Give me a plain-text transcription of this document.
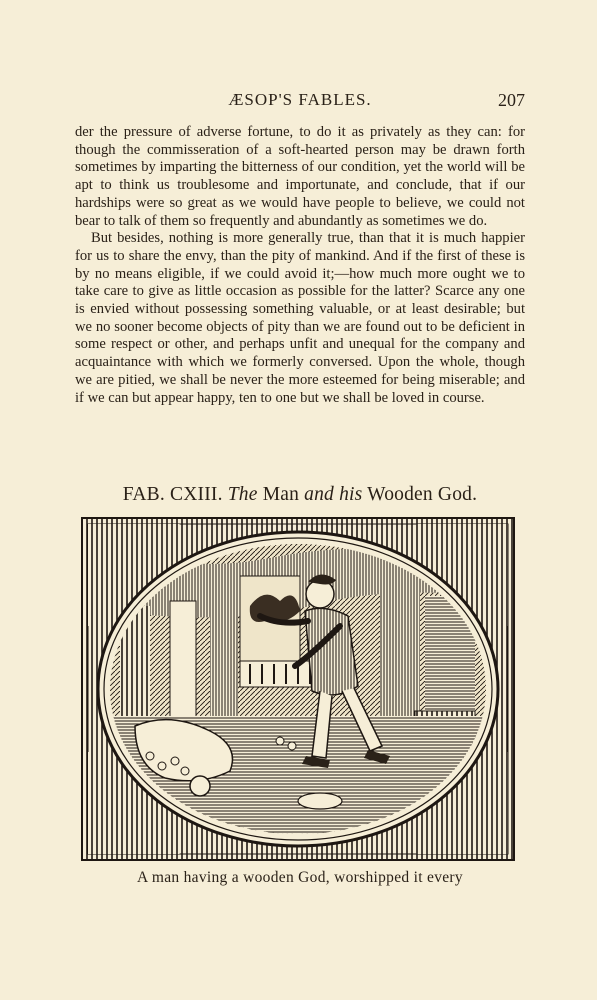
ÆSOP'S FABLES.	207

der the pressure of adverse fortune, to do it as privately as they can: for though the commisseration of a soft-hearted person may be drawn forth sometimes by imparting the bitterness of our condition, yet the world will be apt to think us troublesome and importunate, and conclude, that if our hardships were so great as we would have people to believe, we could not bear to talk of them so frequently and abundantly as sometimes we do.

But besides, nothing is more generally true, than that it is much happier for us to share the envy, than the pity of mankind. And if the first of these is by no means eligible, if we could avoid it;—how much more ought we to take care to give as little occasion as possible for the latter? Scarce any one is envied without possessing something valuable, or at least desirable; but we no sooner become objects of pity than we are found out to be deficient in some respect or other, and perhaps unfit and unequal for the company and acquaintance with which we formerly conversed. Upon the whole, though we are pitied, we shall be never the more esteemed for being miserable; and if we can but appear happy, ten to one but we shall be loved in course.

FAB. CXIII. The Man and his Wooden God.
A man having a wooden God, worshipped it every
